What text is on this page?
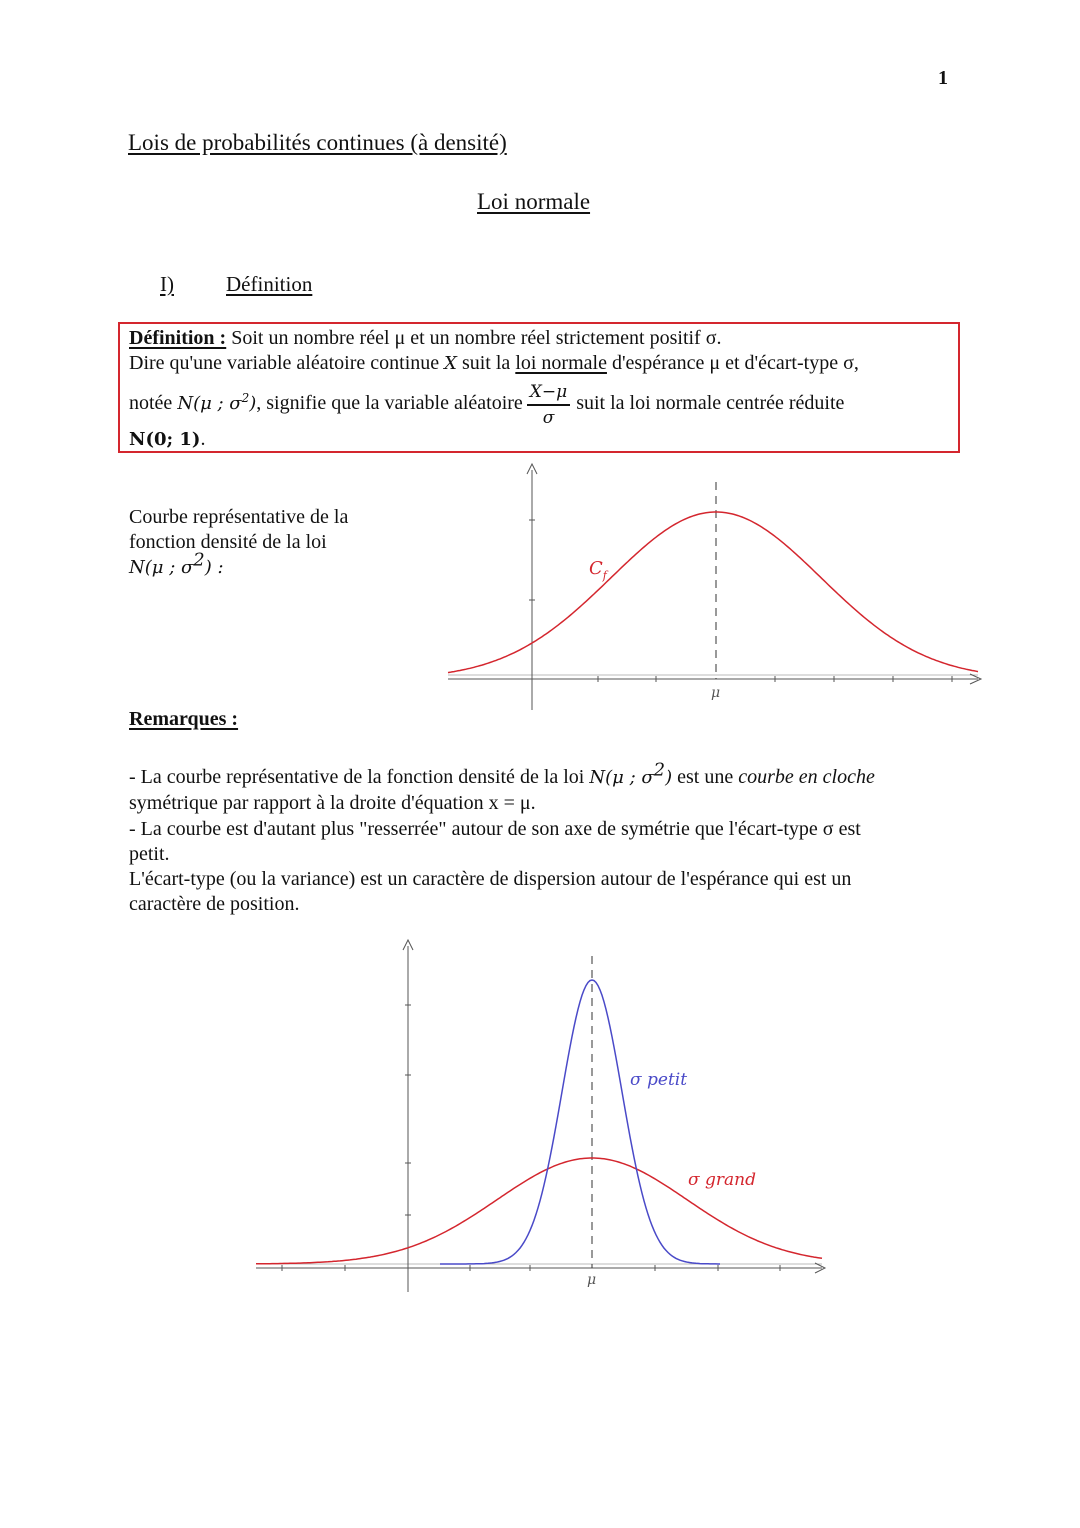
1
Lois de probabilités continues (à densité)
Loi normale
I) Définition
Définition : Soit un nombre réel μ et un nombre réel strictement positif σ.
Dire qu'une variable aléatoire continue X suit la loi normale d'espérance μ et d'écart-type σ,
notée N(μ ; $\sigma^2$), signifie que la variable aléatoire $\frac{X-\mu}{\sigma}$ suit la loi normale centrée réduite
N(0; 1).
Courbe représentative de la
fonction densité de la loi
N(μ ; $\sigma^2$) :	$C_f$
μ
Remarques :
- La courbe représentative de la fonction densité de la loi N(μ ; $\sigma^2$) est une courbe en cloche
symétrique par rapport à la droite d'équation x = μ.
- La courbe est d'autant plus "resserrée" autour de son axe de symétrie que l'écart-type σ est
petit.
L'écart-type (ou la variance) est un caractère de dispersion autour de l'espérance qui est un
caractère de position.
σ petit
σ grand
μ
